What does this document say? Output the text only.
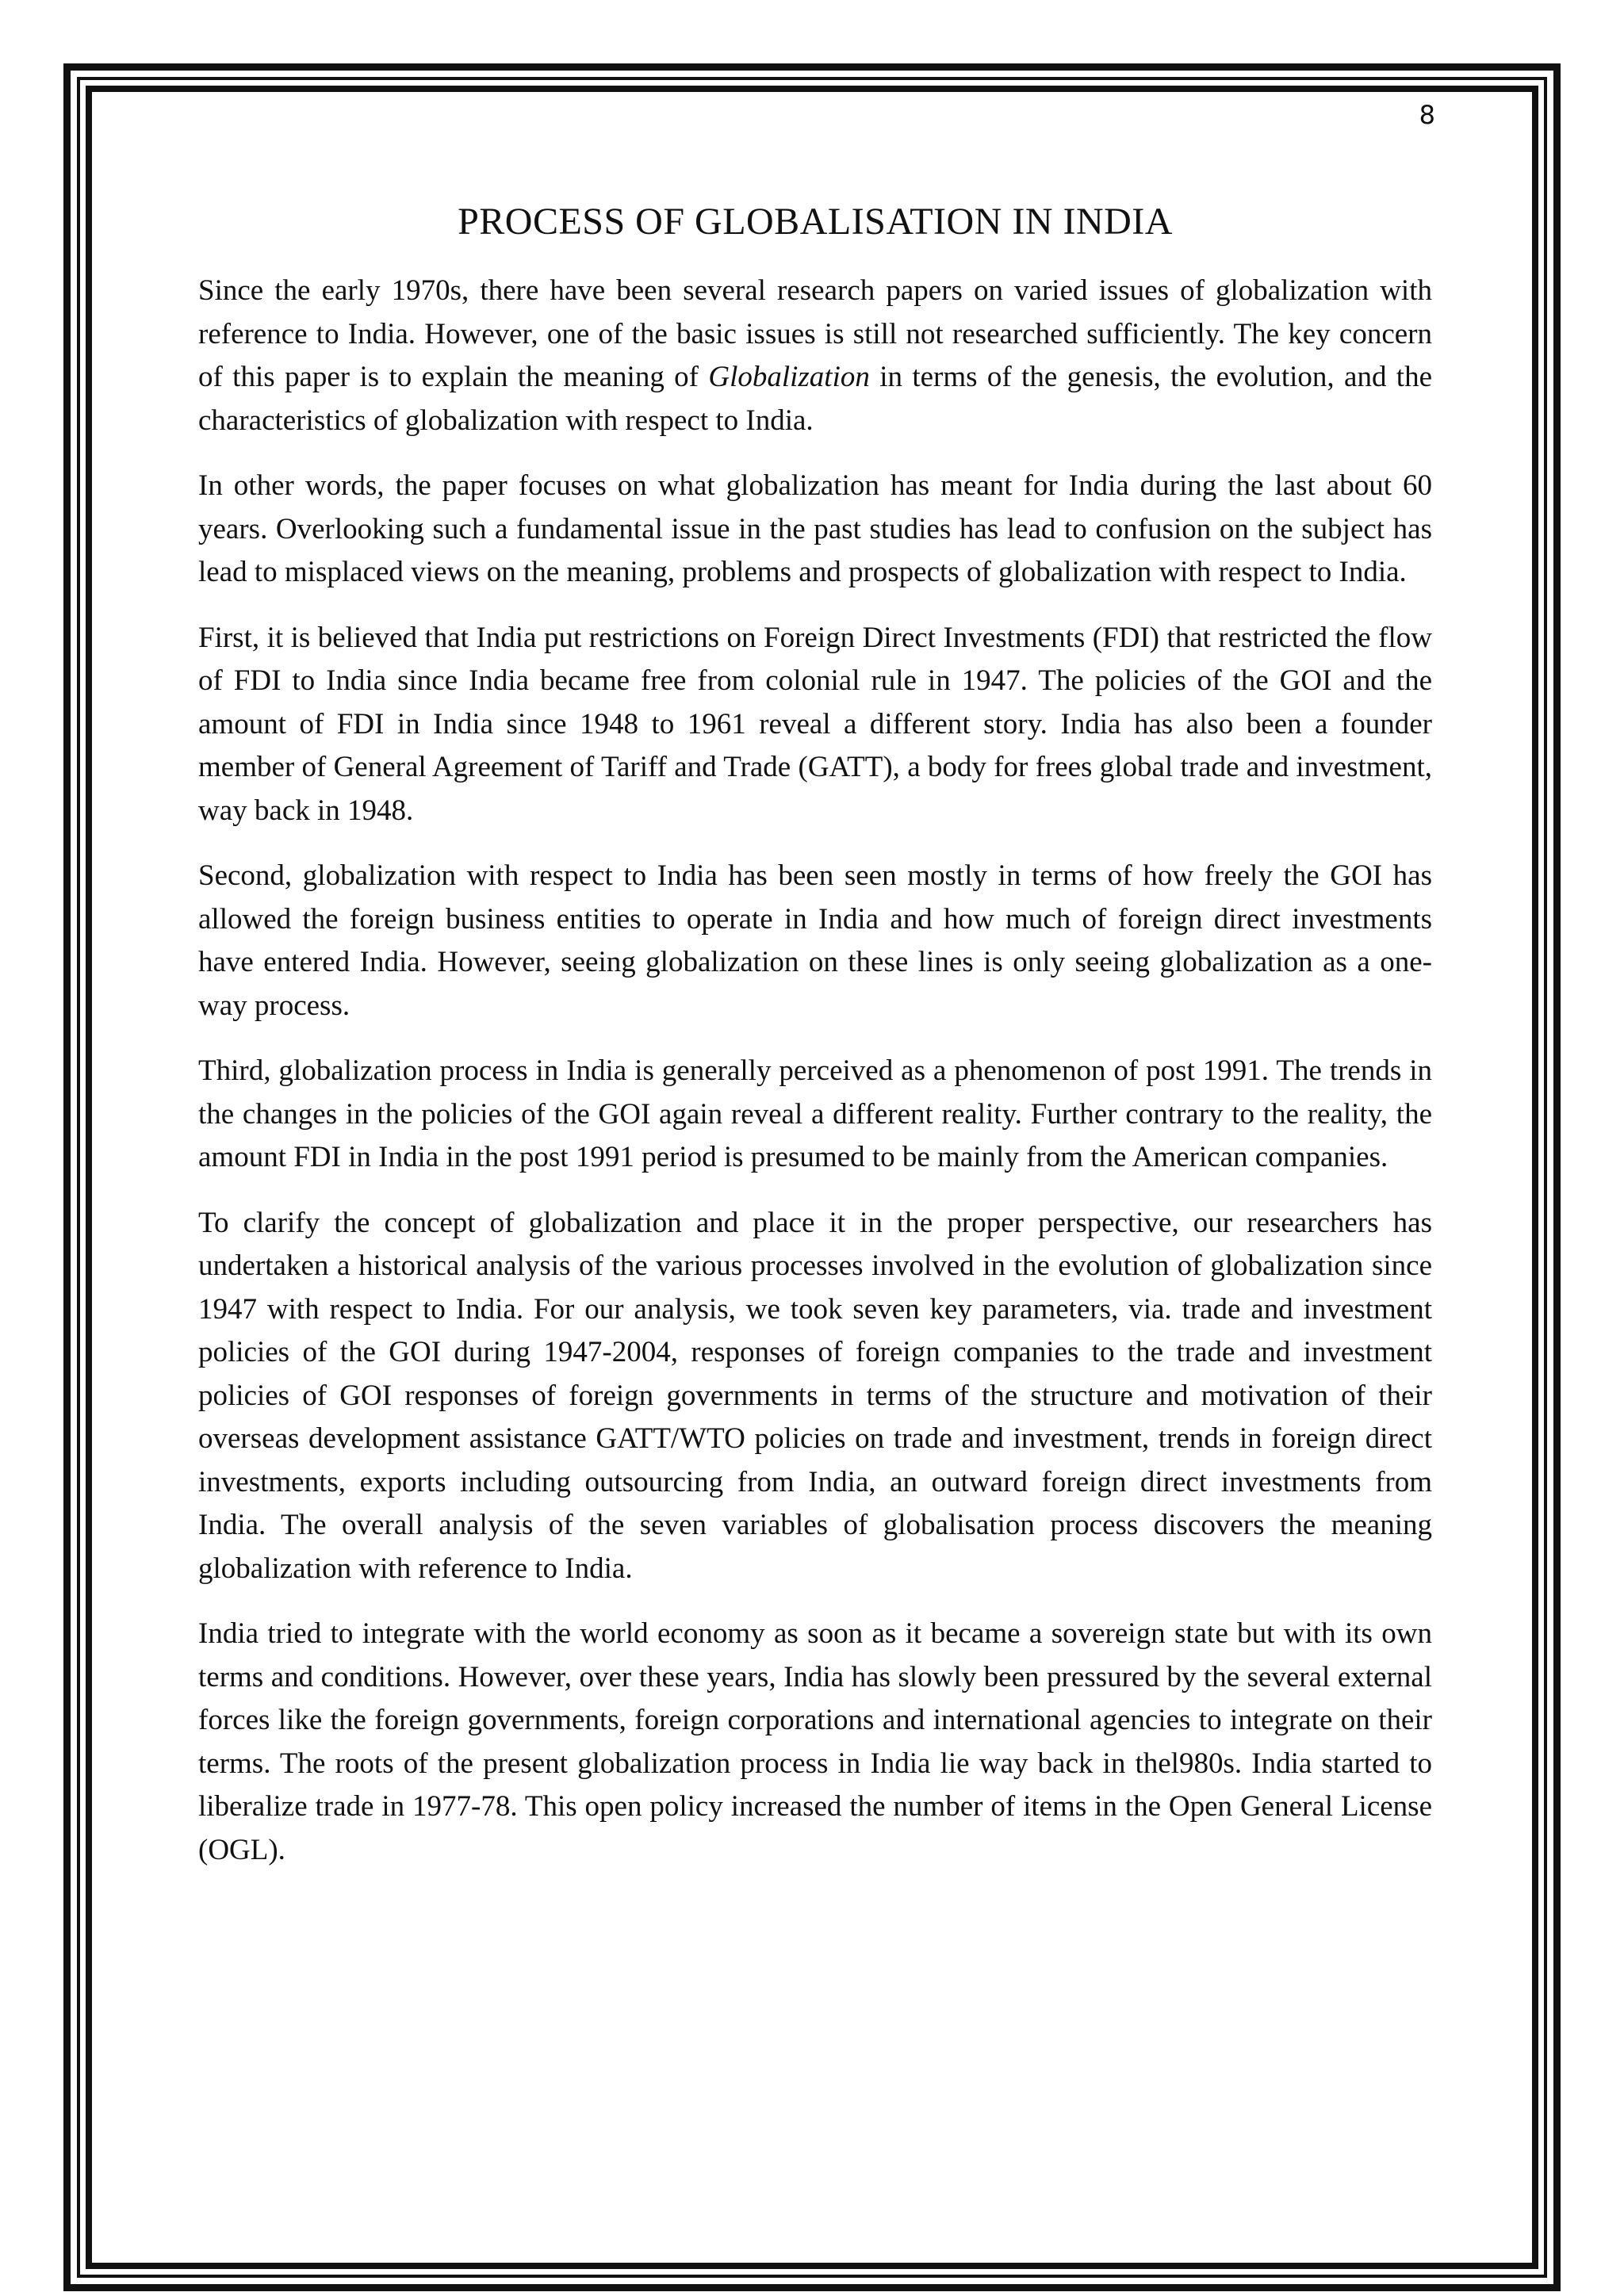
8
PROCESS OF GLOBALISATION IN INDIA

Since the early 1970s, there have been several research papers on varied issues of globalization with reference to India. However, one of the basic issues is still not researched sufficiently. The key concern of this paper is to explain the meaning of Globalization in terms of the genesis, the evolution, and the characteristics of globalization with respect to India.

In other words, the paper focuses on what globalization has meant for India during the last about 60 years. Overlooking such a fundamental issue in the past studies has lead to confusion on the subject has lead to misplaced views on the meaning, problems and prospects of globalization with respect to India.

First, it is believed that India put restrictions on Foreign Direct Investments (FDI) that restricted the flow of FDI to India since India became free from colonial rule in 1947. The policies of the GOI and the amount of FDI in India since 1948 to 1961 reveal a different story. India has also been a founder member of General Agreement of Tariff and Trade (GATT), a body for frees global trade and investment, way back in 1948.

Second, globalization with respect to India has been seen mostly in terms of how freely the GOI has allowed the foreign business entities to operate in India and how much of foreign direct investments have entered India. However, seeing globalization on these lines is only seeing globalization as a one-way process.

Third, globalization process in India is generally perceived as a phenomenon of post 1991. The trends in the changes in the policies of the GOI again reveal a different reality. Further contrary to the reality, the amount FDI in India in the post 1991 period is presumed to be mainly from the American companies.

To clarify the concept of globalization and place it in the proper perspective, our researchers has undertaken a historical analysis of the various processes involved in the evolution of globalization since 1947 with respect to India. For our analysis, we took seven key parameters, via. trade and investment policies of the GOI during 1947-2004, responses of foreign companies to the trade and investment policies of GOI responses of foreign governments in terms of the structure and motivation of their overseas development assistance GATT/WTO policies on trade and investment, trends in foreign direct investments, exports including outsourcing from India, an outward foreign direct investments from India. The overall analysis of the seven variables of globalisation process discovers the meaning globalization with reference to India.

India tried to integrate with the world economy as soon as it became a sovereign state but with its own terms and conditions. However, over these years, India has slowly been pressured by the several external forces like the foreign governments, foreign corporations and international agencies to integrate on their terms. The roots of the present globalization process in India lie way back in thel980s. India started to liberalize trade in 1977-78. This open policy increased the number of items in the Open General License (OGL).
